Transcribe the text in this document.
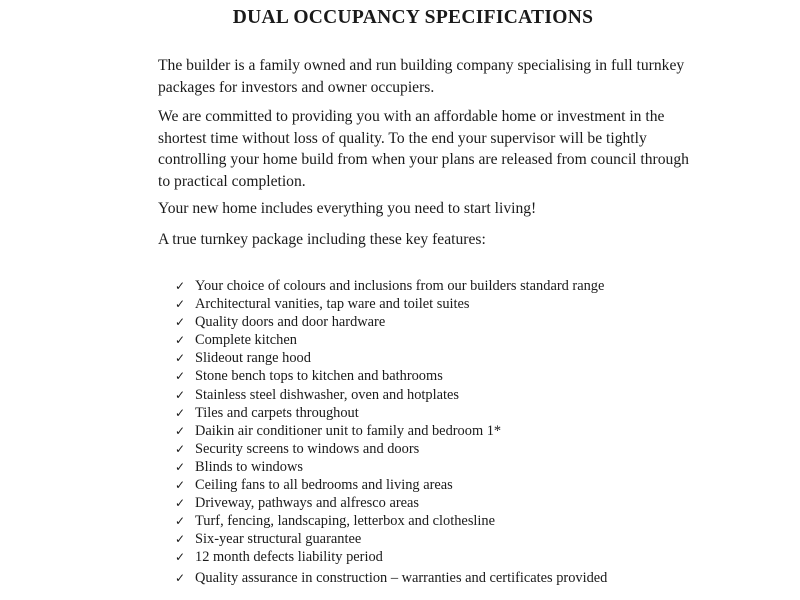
DUAL OCCUPANCY SPECIFICATIONS

The builder is a family owned and run building company specialising in full turnkey
packages for investors and owner occupiers.

We are committed to providing you with an affordable home or investment in the
shortest time without loss of quality. To the end your supervisor will be tightly
controlling your home build from when your plans are released from council through
to practical completion.

Your new home includes everything you need to start living!

A true turnkey package including these key features:

✓ Your choice of colours and inclusions from our builders standard range
✓ Architectural vanities, tap ware and toilet suites
✓ Quality doors and door hardware
✓ Complete kitchen
✓ Slideout range hood
✓ Stone bench tops to kitchen and bathrooms
✓ Stainless steel dishwasher, oven and hotplates
✓ Tiles and carpets throughout
✓ Daikin air conditioner unit to family and bedroom 1*
✓ Security screens to windows and doors
✓ Blinds to windows
✓ Ceiling fans to all bedrooms and living areas
✓ Driveway, pathways and alfresco areas
✓ Turf, fencing, landscaping, letterbox and clothesline
✓ Six-year structural guarantee
✓ 12 month defects liability period
✓ Quality assurance in construction – warranties and certificates provided
